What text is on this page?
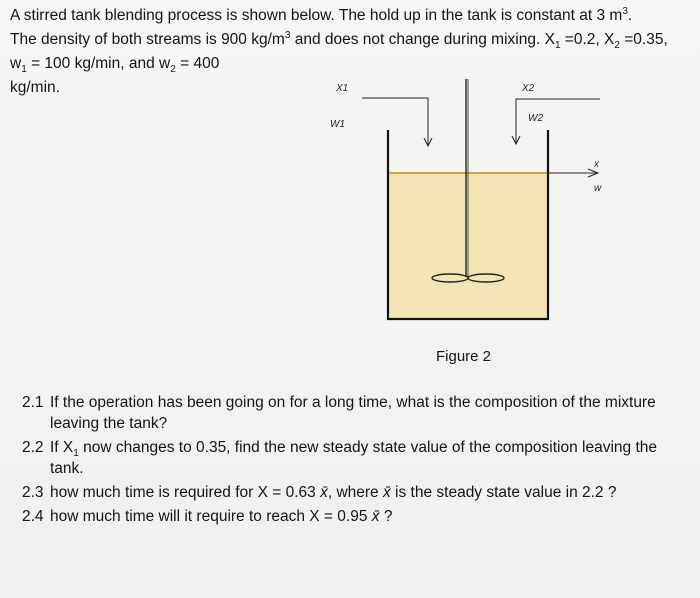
A stirred tank blending process is shown below. The hold up in the tank is constant at 3 $m^3$.
The density of both streams is 900 $kg/m^3$ and does not change during mixing. $X_1 =0.2$, $X_2 =0.35$,
$w_1 = 100$ kg/min, and $w_2 = 400$
kg/min.	X1
W1
X2
W2
x
w
Figure 2
2.1 If the operation has been going on for a long time, what is the composition of the mixture leaving the tank?
2.2 If $X_1$ now changes to 0.35, find the new steady state value of the composition leaving the tank.
2.3 how much time is required for X = 0.63 x̄, where x̄ is the steady state value in 2.2 ?
2.4 how much time will it require to reach X = 0.95 x̄ ?
